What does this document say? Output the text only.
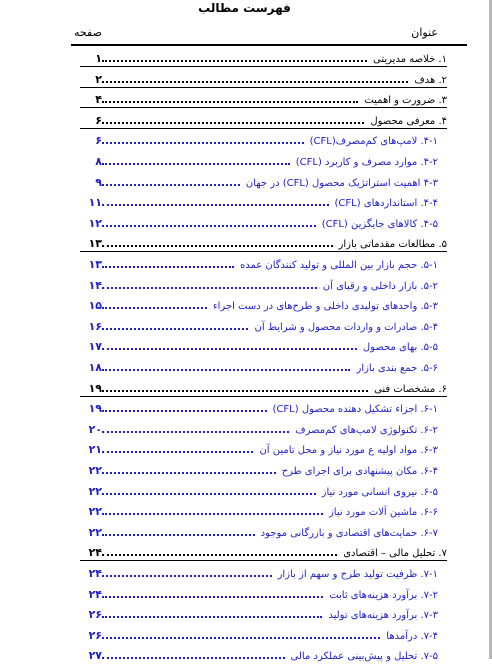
فهرست مطالب
عنوان
صفحه
۱	۱. خلاصه مدیریتی
۲	۲. هدف
۴	۳. ضرورت و اهمیت
۶	۴. معرفی محصول
۶	۴-۱. لامپ‌های کم‌مصرف(CFL)
۸	۴-۲. موارد مصرف و کاربرد (CFL)
۹	۴-۳ اهمیت استراتژیک محصول (CFL) در جهان
۱۱	۴-۴. استانداردهای (CFL)
۱۲	۴-۵. کالاهای جایگزین (CFL)
۱۳	۵. مطالعات مقدماتی بازار
۱۳	۵-۱. حجم بازار بین المللی و تولید کنندگان عمده
۱۴	۵-۲. بازار داخلی و رقبای آن
۱۵	۵-۳. واحدهای تولیدی داخلی و طرح‌های در دست اجراء
۱۶	۵-۴. صادرات و واردات محصول و شرایط آن
۱۷	۵-۵. بهای محصول
۱۸	۵-۶. جمع بندی بازار
۱۹	۶. مشخصات فنی
۱۹	۶-۱. اجزاء تشکیل دهنده محصول (CFL)
۲۰	۶-۲. تکنولوژی لامپ‌های کم‌مصرف
۲۱	۶-۳. مواد اولیه ع مورد نیاز و محل تامین آن
۲۲	۶-۴. مکان پیشنهادی برای اجرای طرح
۲۲	۶-۵. نیروی انسانی مورد نیاز
۲۲	۶-۶. ماشین آلات مورد نیاز
۲۲	۶-۷. حمایت‌های اقتصادی و بازرگانی موجود
۲۴	۷. تحلیل مالی – اقتصادی
۲۴	۷-۱. ظرفیت تولید طرح و سهم از بازار
۲۴	۷-۲. برآورد هزینه‌های ثابت
۲۶	۷-۳. برآورد هزینه‌های تولید
۲۶	۷-۴. درآمدها
۲۷	۷-۵. تحلیل و پیش‌بینی عملکرد مالی
